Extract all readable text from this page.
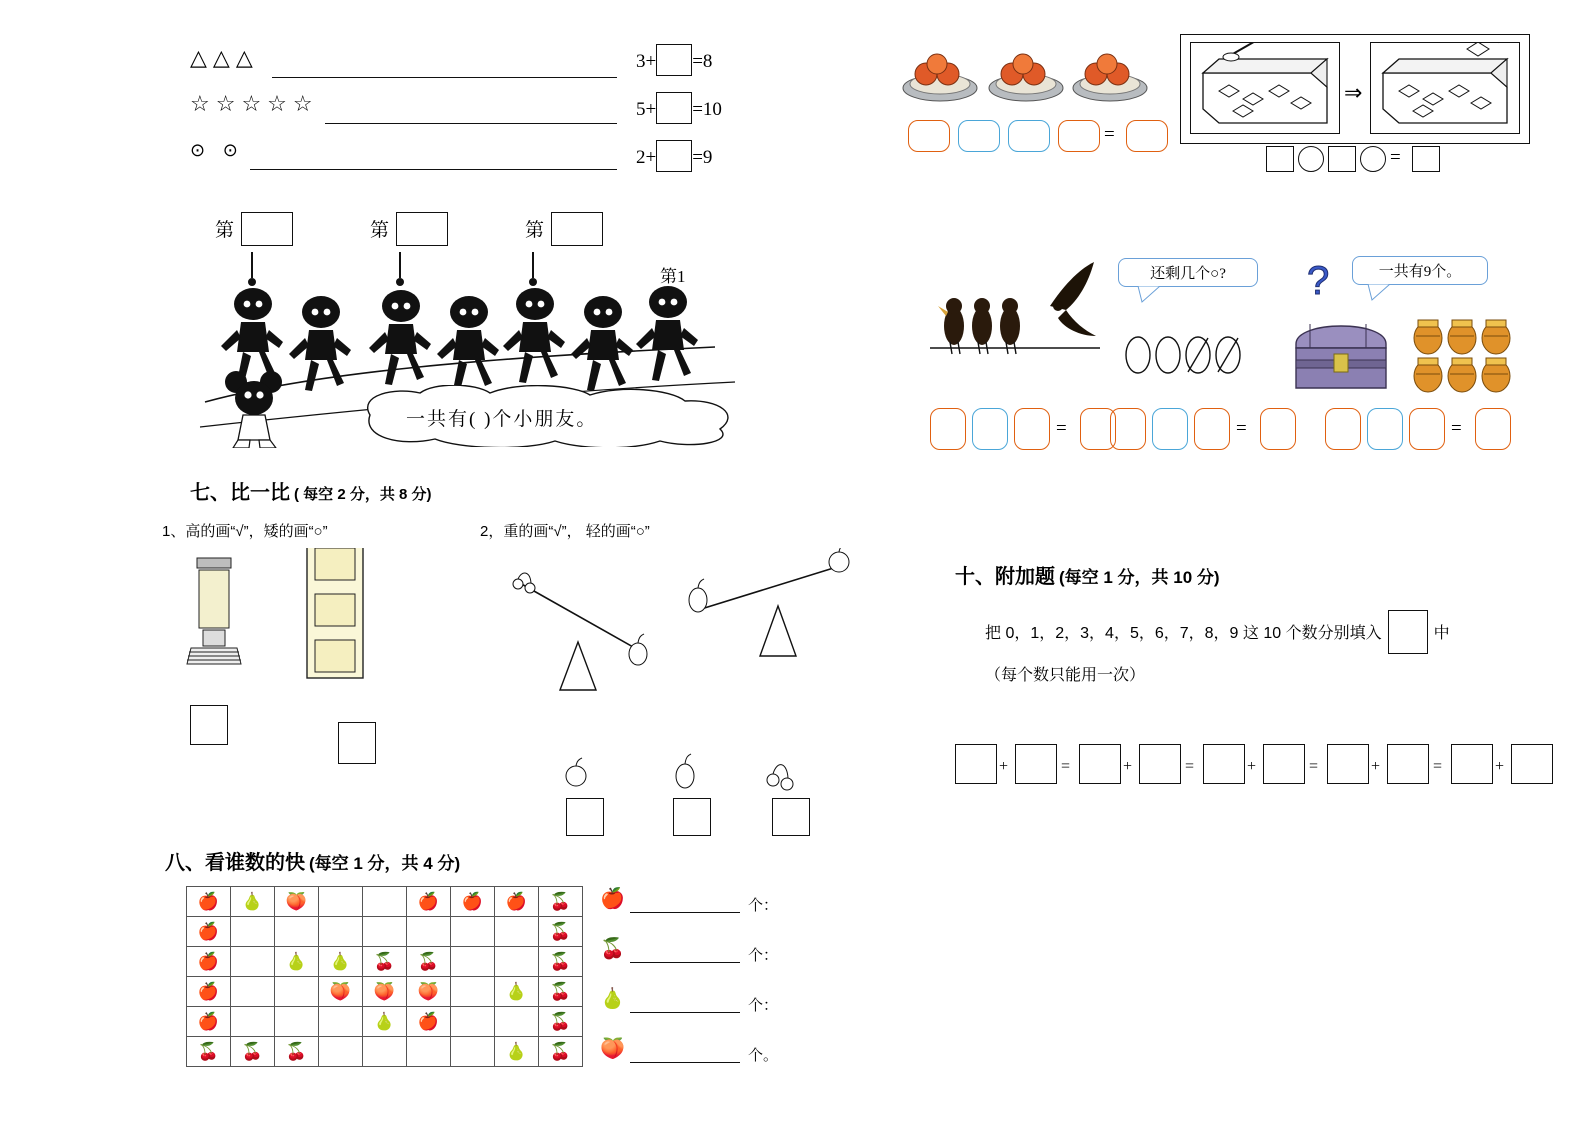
△△△
☆☆☆☆☆
⊙ ⊙
3+ =8
5+ =10
2+ =9
第	第	第
第1
一共有( )个小朋友。
七、比一比 ( 每空 2 分，共 8 分)
1、高的画“√”，矮的画“○”	2，重的画“√”， 轻的画“○”
八、看谁数的快 (每空 1 分，共 4 分)
🍎	🍐	🍑			🍎	🍎	🍎	🍒
🍎								🍒
🍎		🍐	🍐	🍒	🍒			🍒
🍎			🍑	🍑	🍑		🍐	🍒
🍎				🍐	🍎			🍒
🍒	🍒	🍒					🍐	🍒
🍎	个：
🍒	个：
🍐	个：
🍑	个。
=
⇒
=
还剩几个○?	?	一共有9个。
=	=	=
十、附加题 (每空 1 分，共 10 分)
把 0，1，2，3，4，5，6，7，8，9 这 10 个数分别填入	中
（每个数只能用一次）
+	=	+	=	+	=	+	=	+
